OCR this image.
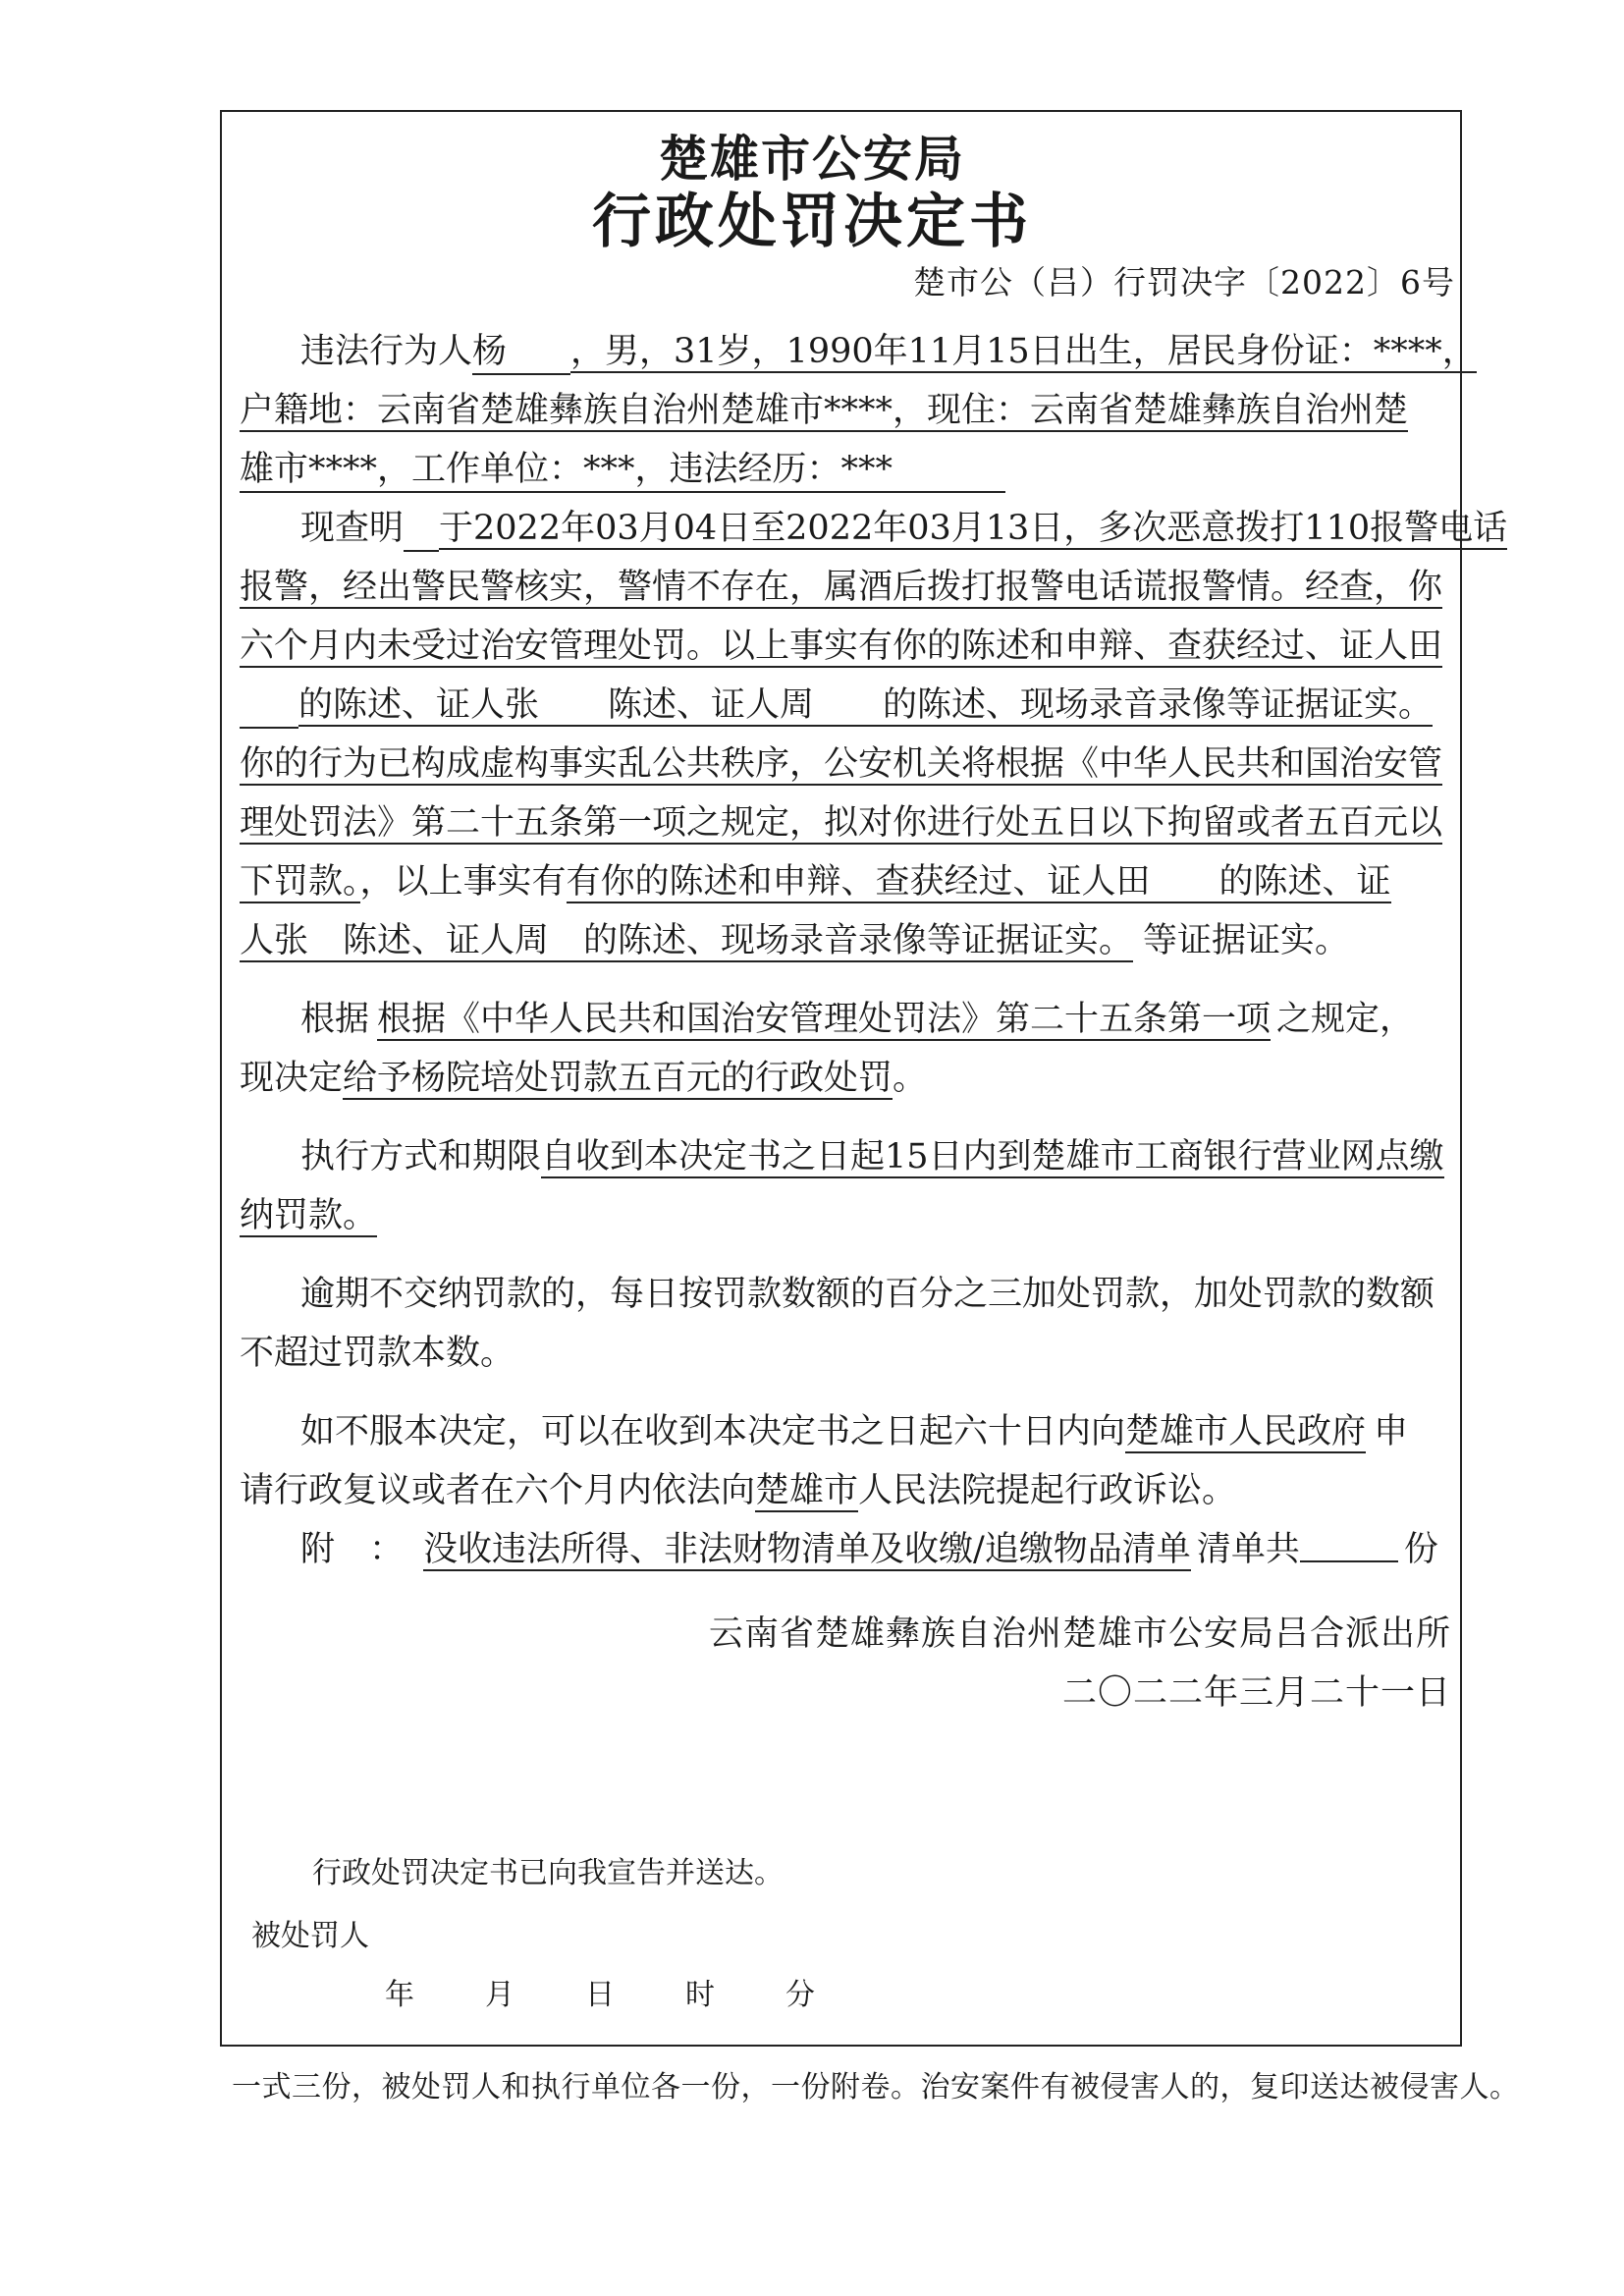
楚雄市公安局
行政处罚决定书
楚市公（吕）行罚决字〔2022〕6号
违法行为人杨 ，男，31岁，1990年11月15日出生，居民身份证：****，
户籍地：云南省楚雄彝族自治州楚雄市****，现住：云南省楚雄彝族自治州楚
雄市****，工作单位：***，违法经历：***
现查明 于2022年03月04日至2022年03月13日，多次恶意拨打110报警电话
报警，经出警民警核实，警情不存在，属酒后拨打报警电话谎报警情。经查，你
六个月内未受过治安管理处罚。以上事实有你的陈述和申辩、查获经过、证人田
的陈述、证人张　　陈述、证人周　　的陈述、现场录音录像等证据证实。
你的行为已构成虚构事实乱公共秩序，公安机关将根据《中华人民共和国治安管
理处罚法》第二十五条第一项之规定，拟对你进行处五日以下拘留或者五百元以
下罚款。，以上事实有有你的陈述和申辩、查获经过、证人田　　的陈述、证
人张　陈述、证人周　的陈述、现场录音录像等证据证实。 等证据证实。
根据 根据《中华人民共和国治安管理处罚法》第二十五条第一项 之规定，
现决定给予杨院培处罚款五百元的行政处罚。
执行方式和期限自收到本决定书之日起15日内到楚雄市工商银行营业网点缴
纳罚款。
逾期不交纳罚款的，每日按罚款数额的百分之三加处罚款，加处罚款的数额
不超过罚款本数。
如不服本决定，可以在收到本决定书之日起六十日内向楚雄市人民政府 申
请行政复议或者在六个月内依法向楚雄市人民法院提起行政诉讼。
附　： 没收违法所得、非法财物清单及收缴/追缴物品清单 清单共	份
云南省楚雄彝族自治州楚雄市公安局吕合派出所
二〇二二年三月二十一日
行政处罚决定书已向我宣告并送达。
被处罚人
年　　月　　日　　时　　分
一式三份，被处罚人和执行单位各一份，一份附卷。治安案件有被侵害人的，复印送达被侵害人。
